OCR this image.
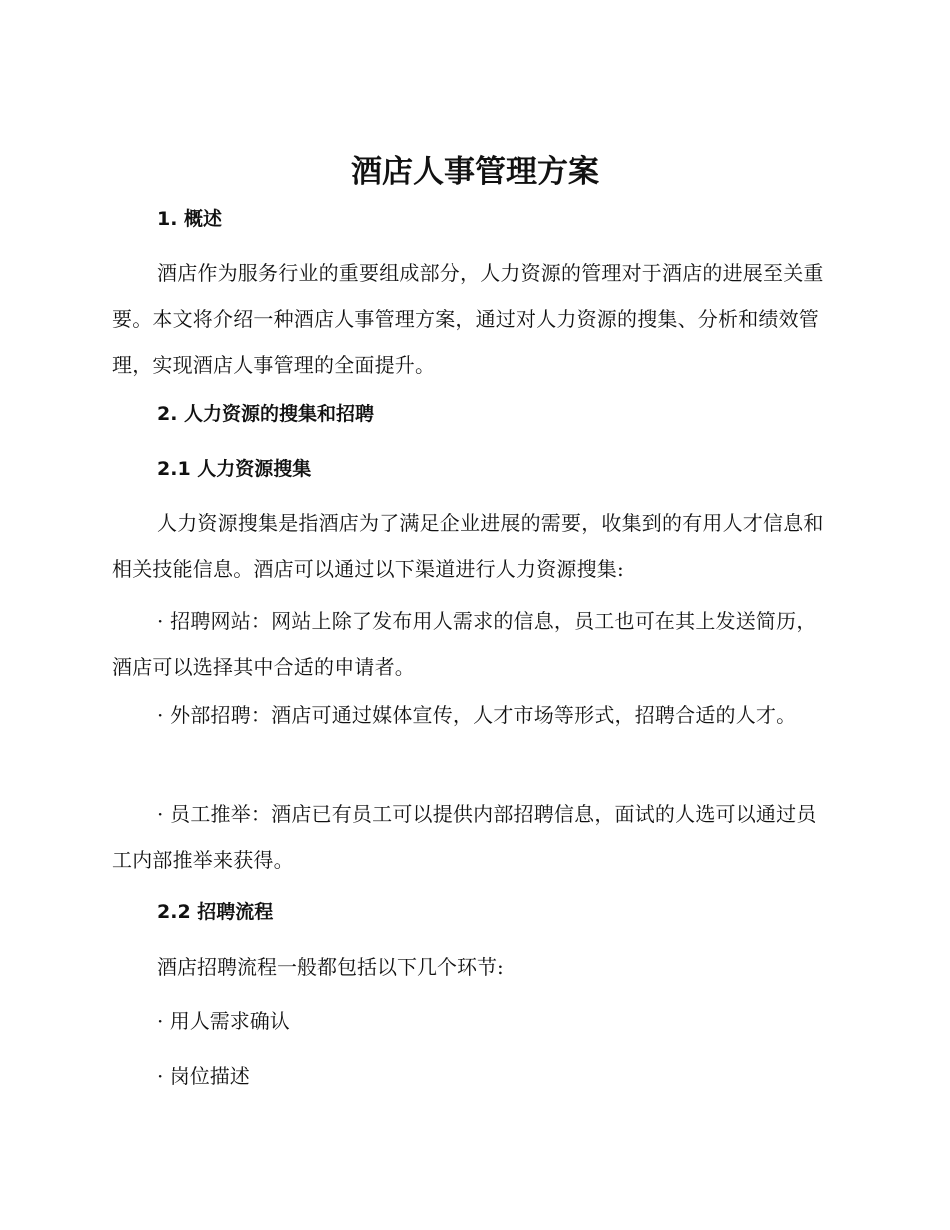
酒店人事管理方案
1. 概述

酒店作为服务行业的重要组成部分，人力资源的管理对于酒店的进展至关重要。本文将介绍一种酒店人事管理方案，通过对人力资源的搜集、分析和绩效管理，实现酒店人事管理的全面提升。

2. 人力资源的搜集和招聘
2.1 人力资源搜集

人力资源搜集是指酒店为了满足企业进展的需要，收集到的有用人才信息和相关技能信息。酒店可以通过以下渠道进行人力资源搜集:

· 招聘网站：网站上除了发布用人需求的信息，员工也可在其上发送简历，酒店可以选择其中合适的申请者。

· 外部招聘：酒店可通过媒体宣传，人才市场等形式，招聘合适的人才。

· 员工推举：酒店已有员工可以提供内部招聘信息，面试的人选可以通过员工内部推举来获得。

2.2 招聘流程

酒店招聘流程一般都包括以下几个环节:

· 用人需求确认

· 岗位描述
